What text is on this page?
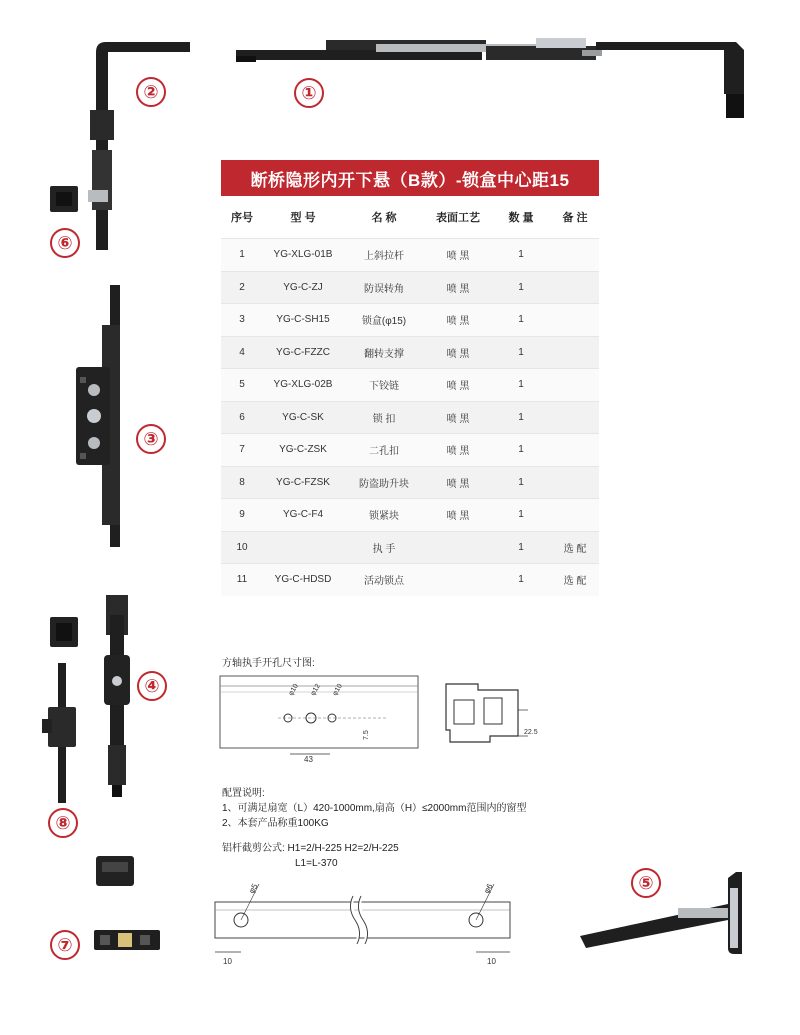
①
②
⑥
③
断桥隐形内开下悬（B款）-锁盒中心距15
序号	型 号	名 称	表面工艺	数 量	备 注
1	YG-XLG-01B	上斜拉杆	喷 黑	1	
2	YG-C-ZJ	防误转角	喷 黑	1	
3	YG-C-SH15	锁盒(φ15)	喷 黑	1	
4	YG-C-FZZC	翻转支撑	喷 黑	1	
5	YG-XLG-02B	下铰链	喷 黑	1	
6	YG-C-SK	锁 扣	喷 黑	1	
7	YG-C-ZSK	二孔扣	喷 黑	1	
8	YG-C-FZSK	防盗助升块	喷 黑	1	
9	YG-C-F4	锁紧块	喷 黑	1	
10		执 手		1	选 配
11	YG-C-HDSD	活动锁点		1	选 配
④
⑧
⑦
⑤
方轴执手开孔尺寸图:
43
φ10 φ12 φ10
7.5	22.5
配置说明:
1、可满足扇宽（L）420-1000mm,扇高（H）≤2000mm范围内的窗型
2、本套产品称重100KG
铝杆截剪公式: H1=2/H-225 H2=2/H-225
L1=L-370
φ5	φ6
10	10
